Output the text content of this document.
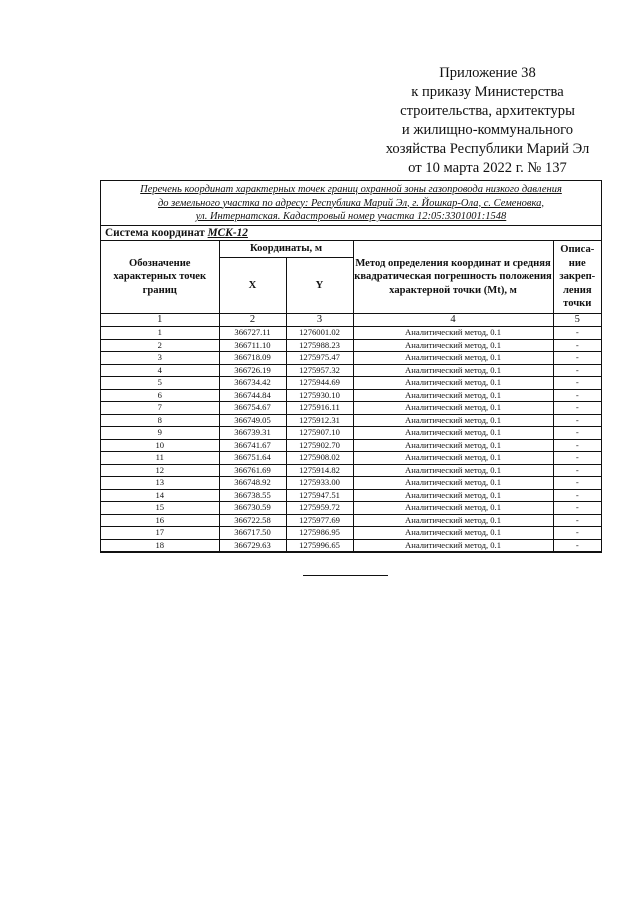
Приложение 38
к приказу Министерства
строительства, архитектуры
и жилищно-коммунального
хозяйства Республики Марий Эл
от 10 марта 2022 г. № 137
Перечень координат характерных точек границ охранной зоны газопровода низкого давления
до земельного участка по адресу: Республика Марий Эл, г. Йошкар-Ола, с. Семеновка,
ул. Интернатская. Кадастровый номер участка 12:05:3301001:1548
Система координат МСК-12
Обозначение характерных точек границ	Координаты, м		Метод определения координат и средняя квадратическая погрешность положения характерной точки (Mt), м	Описа-ние закреп-ления точки
	X	Y		
1	2	3	4	5
1	366727.11	1276001.02	Аналитический метод, 0.1	-
2	366711.10	1275988.23	Аналитический метод, 0.1	-
3	366718.09	1275975.47	Аналитический метод, 0.1	-
4	366726.19	1275957.32	Аналитический метод, 0.1	-
5	366734.42	1275944.69	Аналитический метод, 0.1	-
6	366744.84	1275930.10	Аналитический метод, 0.1	-
7	366754.67	1275916.11	Аналитический метод, 0.1	-
8	366749.05	1275912.31	Аналитический метод, 0.1	-
9	366739.31	1275907.10	Аналитический метод, 0.1	-
10	366741.67	1275902.70	Аналитический метод, 0.1	-
11	366751.64	1275908.02	Аналитический метод, 0.1	-
12	366761.69	1275914.82	Аналитический метод, 0.1	-
13	366748.92	1275933.00	Аналитический метод, 0.1	-
14	366738.55	1275947.51	Аналитический метод, 0.1	-
15	366730.59	1275959.72	Аналитический метод, 0.1	-
16	366722.58	1275977.69	Аналитический метод, 0.1	-
17	366717.50	1275986.95	Аналитический метод, 0.1	-
18	366729.63	1275996.65	Аналитический метод, 0.1	-
